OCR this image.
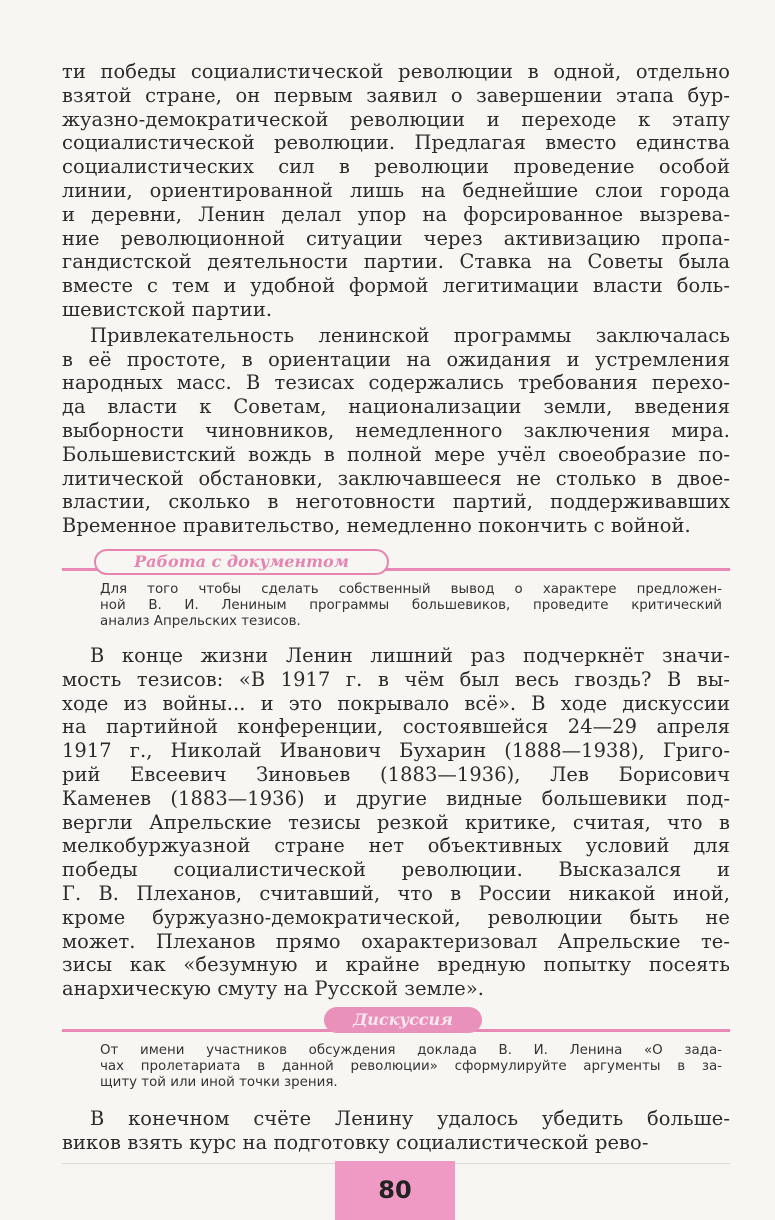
ти победы социалистической революции в одной, отдельно
взятой стране, он первым заявил о завершении этапа бур-
жуазно-демократической революции и переходе к этапу
социалистической революции. Предлагая вместо единства
социалистических сил в революции проведение особой
линии, ориентированной лишь на беднейшие слои города
и деревни, Ленин делал упор на форсированное вызрева-
ние революционной ситуации через активизацию пропа-
гандистской деятельности партии. Ставка на Советы была
вместе с тем и удобной формой легитимации власти боль-
шевистской партии.

Привлекательность ленинской программы заключалась
в её простоте, в ориентации на ожидания и устремления
народных масс. В тезисах содержались требования перехо-
да власти к Советам, национализации земли, введения
выборности чиновников, немедленного заключения мира.
Большевистский вождь в полной мере учёл своеобразие по-
литической обстановки, заключавшееся не столько в двое-
властии, сколько в неготовности партий, поддерживавших
Временное правительство, немедленно покончить с войной.

Работа с документом
Для того чтобы сделать собственный вывод о характере предложен-
ной В. И. Лениным программы большевиков, проведите критический
анализ Апрельских тезисов.

В конце жизни Ленин лишний раз подчеркнёт значи-
мость тезисов: «В 1917 г. в чём был весь гвоздь? В вы-
ходе из войны... и это покрывало всё». В ходе дискуссии
на партийной конференции, состоявшейся 24—29 апреля
1917 г., Николай Иванович Бухарин (1888—1938), Григо-
рий Евсеевич Зиновьев (1883—1936), Лев Борисович
Каменев (1883—1936) и другие видные большевики под-
вергли Апрельские тезисы резкой критике, считая, что в
мелкобуржуазной стране нет объективных условий для
победы социалистической революции. Высказался и
Г. В. Плеханов, считавший, что в России никакой иной,
кроме буржуазно-демократической, революции быть не
может. Плеханов прямо охарактеризовал Апрельские те-
зисы как «безумную и крайне вредную попытку посеять
анархическую смуту на Русской земле».

Дискуссия
От имени участников обсуждения доклада В. И. Ленина «О зада-
чах пролетариата в данной революции» сформулируйте аргументы в за-
щиту той или иной точки зрения.

В конечном счёте Ленину удалось убедить больше-
виков взять курс на подготовку социалистической рево-

80
